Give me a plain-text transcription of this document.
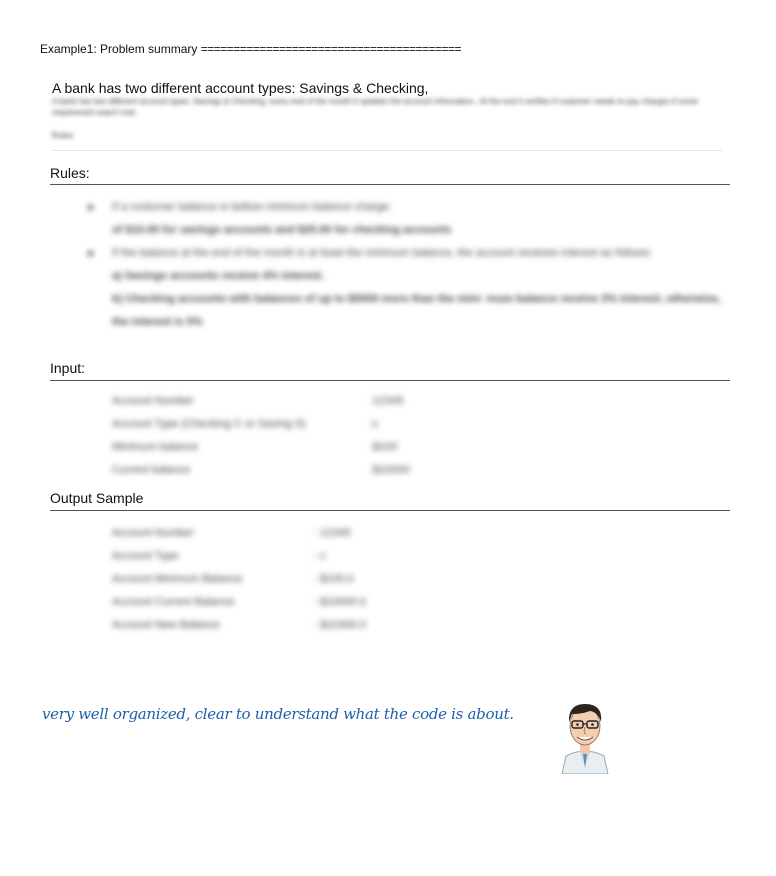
Example1: Problem summary ========================================
A bank has two different account types: Savings & Checking,
A bank has two different account types: Savings & Checking, every end of the month it updates the account information.. At the end it verifies if customer needs to pay charges if some requirement wasn't met.
Rules:
Rules:
If a costumer balance is bellow minimum balance charge:
of $10.00 for savings accounts and $25.00 for checking accounts
If the balance at the end of the month is at least the minimum balance, the account receives interest as follows:
a) Savings accounts receive 4% interest.
b) Checking accounts with balances of up to $5000 more than the mini- mum balance receive 3% interest; otherwise, the interest is 5%
Input:
Account Number	:12345
Account Type (Checking C or Saving S)	:c
Minimum balance	:$100
Current balance	:$10000
Output Sample
Account Number	: 12345
Account Type	: c
Account Minimum Balance	: $100.0
Account Current Balance	: $10000.0
Account New Balance	: $10300.0
very well organized, clear to understand what the code is about.
